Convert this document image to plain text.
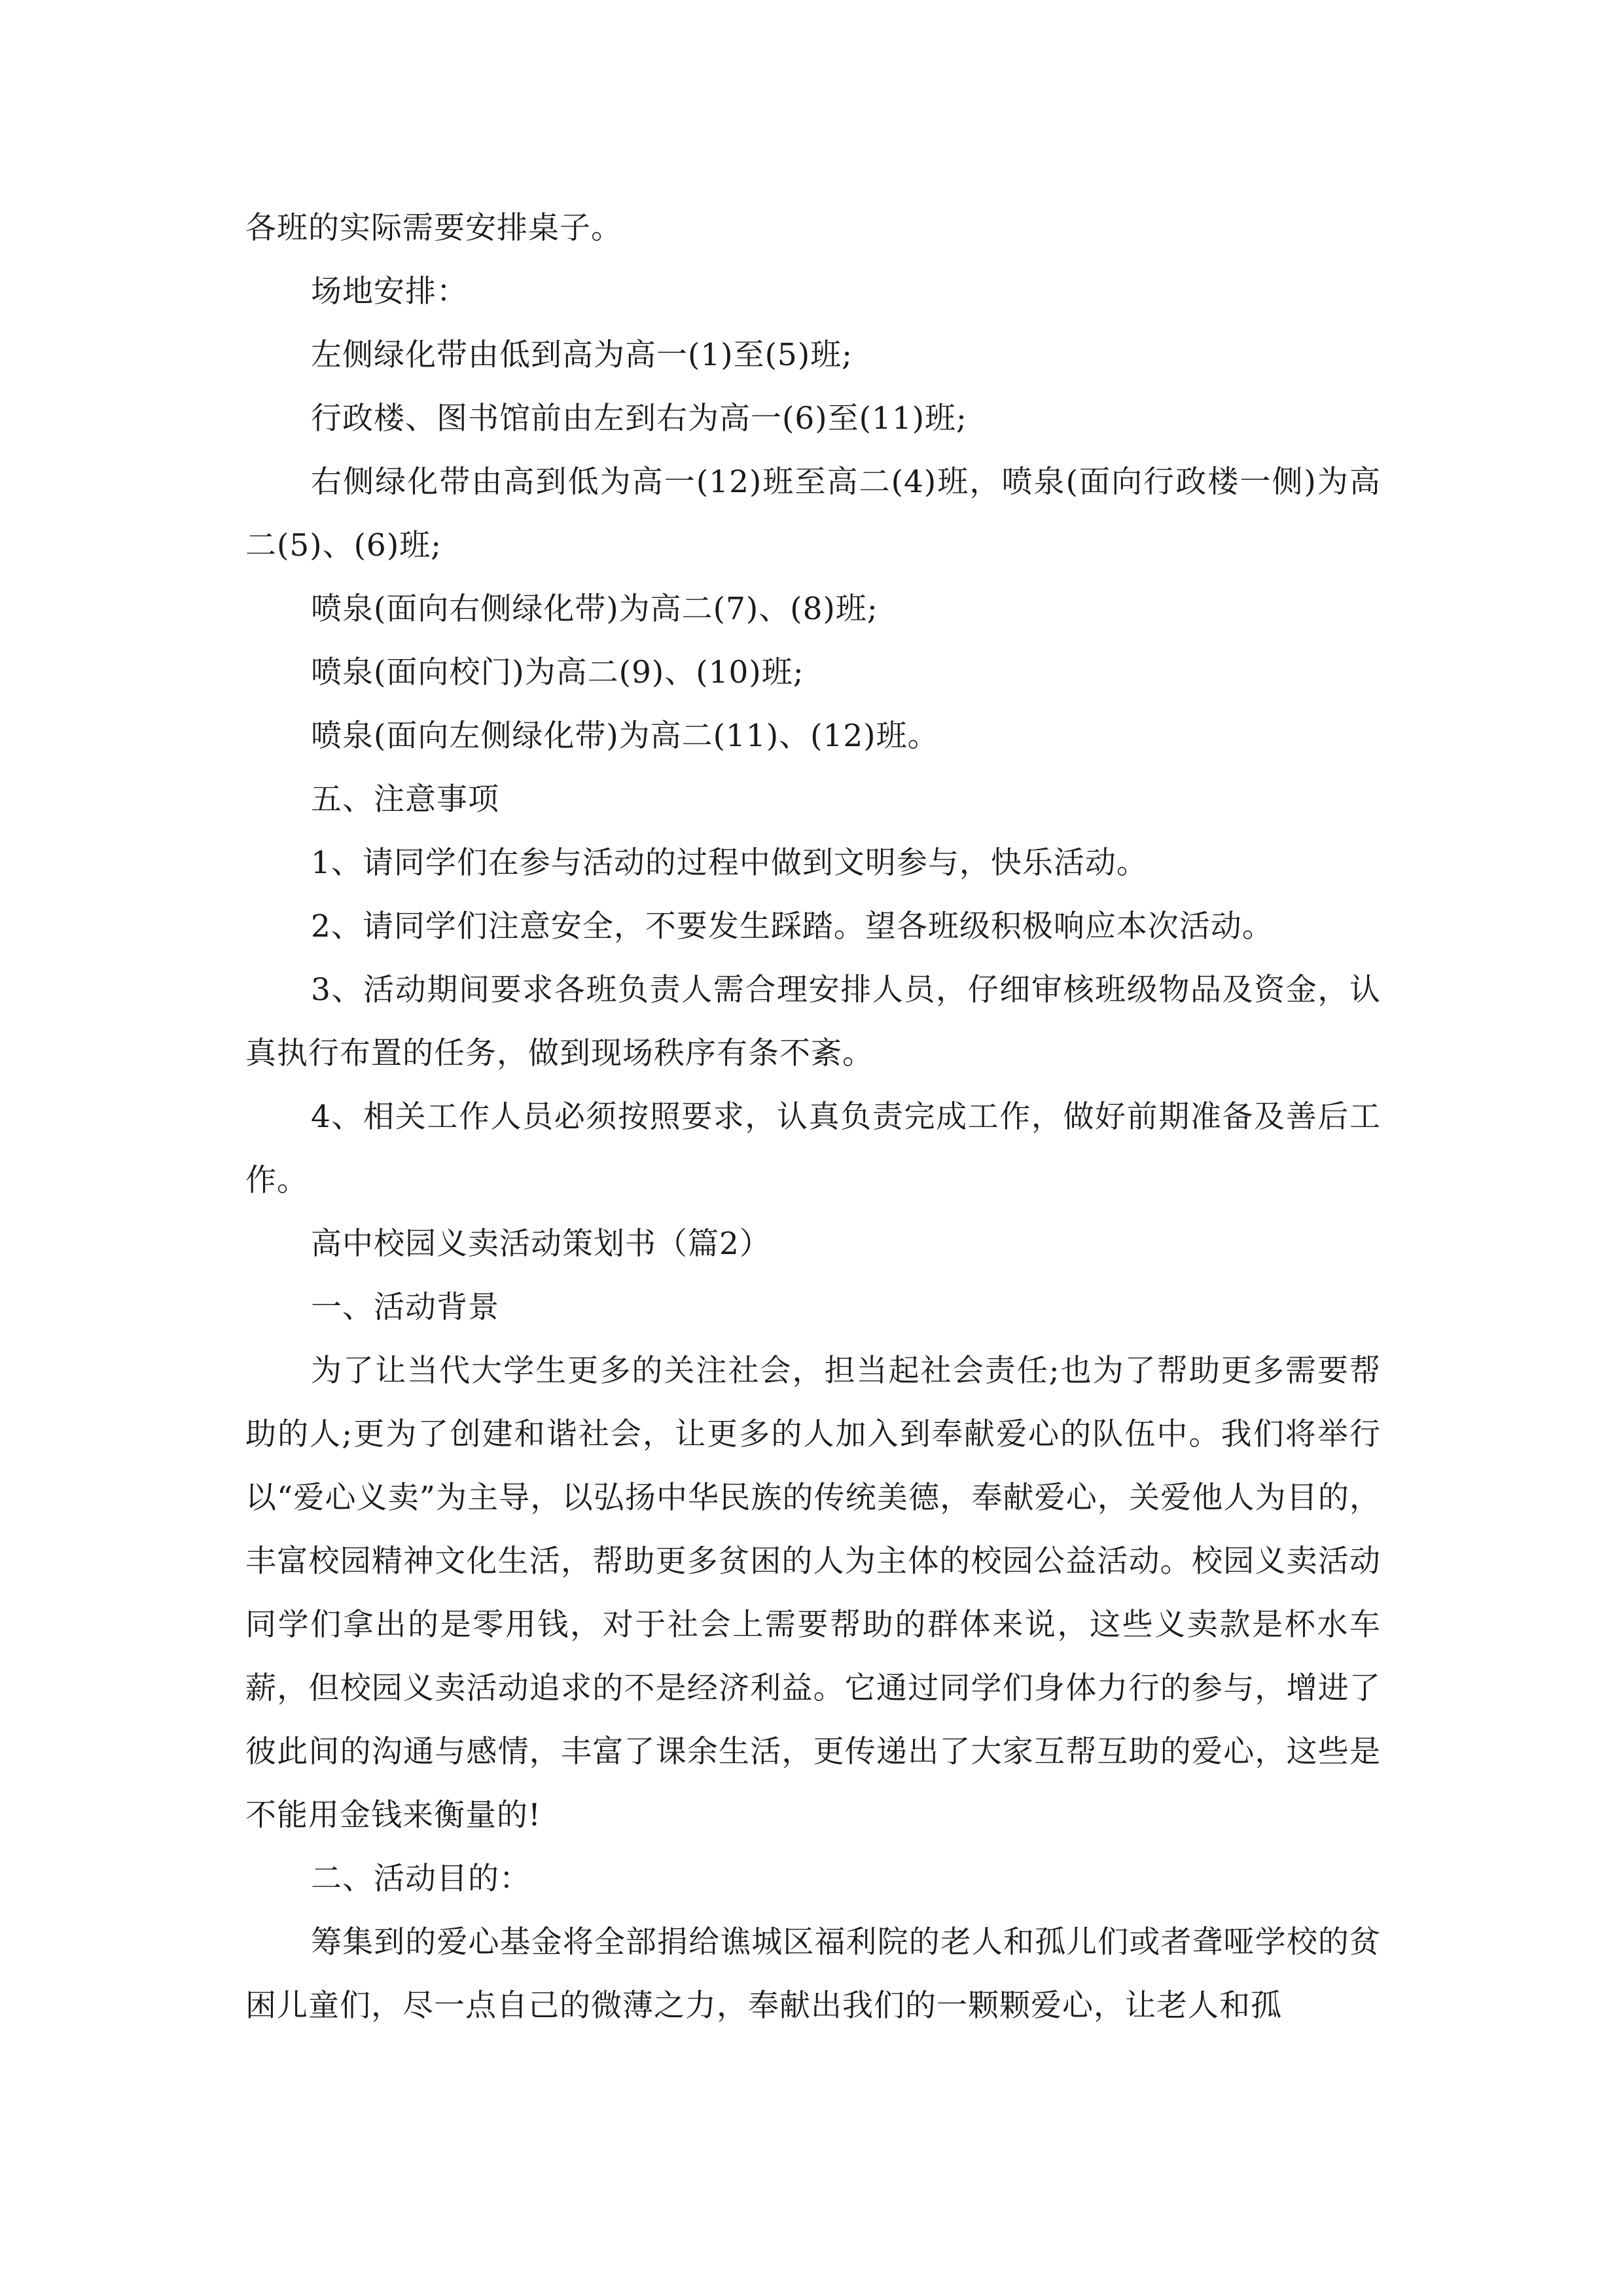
各班的实际需要安排桌子。

场地安排：

左侧绿化带由低到高为高一(1)至(5)班;

行政楼、图书馆前由左到右为高一(6)至(11)班;

右侧绿化带由高到低为高一(12)班至高二(4)班，喷泉(面向行政楼一侧)为高二(5)、(6)班;

喷泉(面向右侧绿化带)为高二(7)、(8)班;

喷泉(面向校门)为高二(9)、(10)班;

喷泉(面向左侧绿化带)为高二(11)、(12)班。

五、注意事项

1、请同学们在参与活动的过程中做到文明参与，快乐活动。

2、请同学们注意安全，不要发生踩踏。望各班级积极响应本次活动。

3、活动期间要求各班负责人需合理安排人员，仔细审核班级物品及资金，认真执行布置的任务，做到现场秩序有条不紊。

4、相关工作人员必须按照要求，认真负责完成工作，做好前期准备及善后工作。

高中校园义卖活动策划书（篇2）

一、活动背景

为了让当代大学生更多的关注社会，担当起社会责任;也为了帮助更多需要帮助的人;更为了创建和谐社会，让更多的人加入到奉献爱心的队伍中。我们将举行以“爱心义卖”为主导，以弘扬中华民族的传统美德，奉献爱心，关爱他人为目的，丰富校园精神文化生活，帮助更多贫困的人为主体的校园公益活动。校园义卖活动同学们拿出的是零用钱，对于社会上需要帮助的群体来说，这些义卖款是杯水车薪，但校园义卖活动追求的不是经济利益。它通过同学们身体力行的参与，增进了彼此间的沟通与感情，丰富了课余生活，更传递出了大家互帮互助的爱心，这些是不能用金钱来衡量的!

二、活动目的：

筹集到的爱心基金将全部捐给谯城区福利院的老人和孤儿们或者聋哑学校的贫困儿童们，尽一点自己的微薄之力，奉献出我们的一颗颗爱心，让老人和孤
